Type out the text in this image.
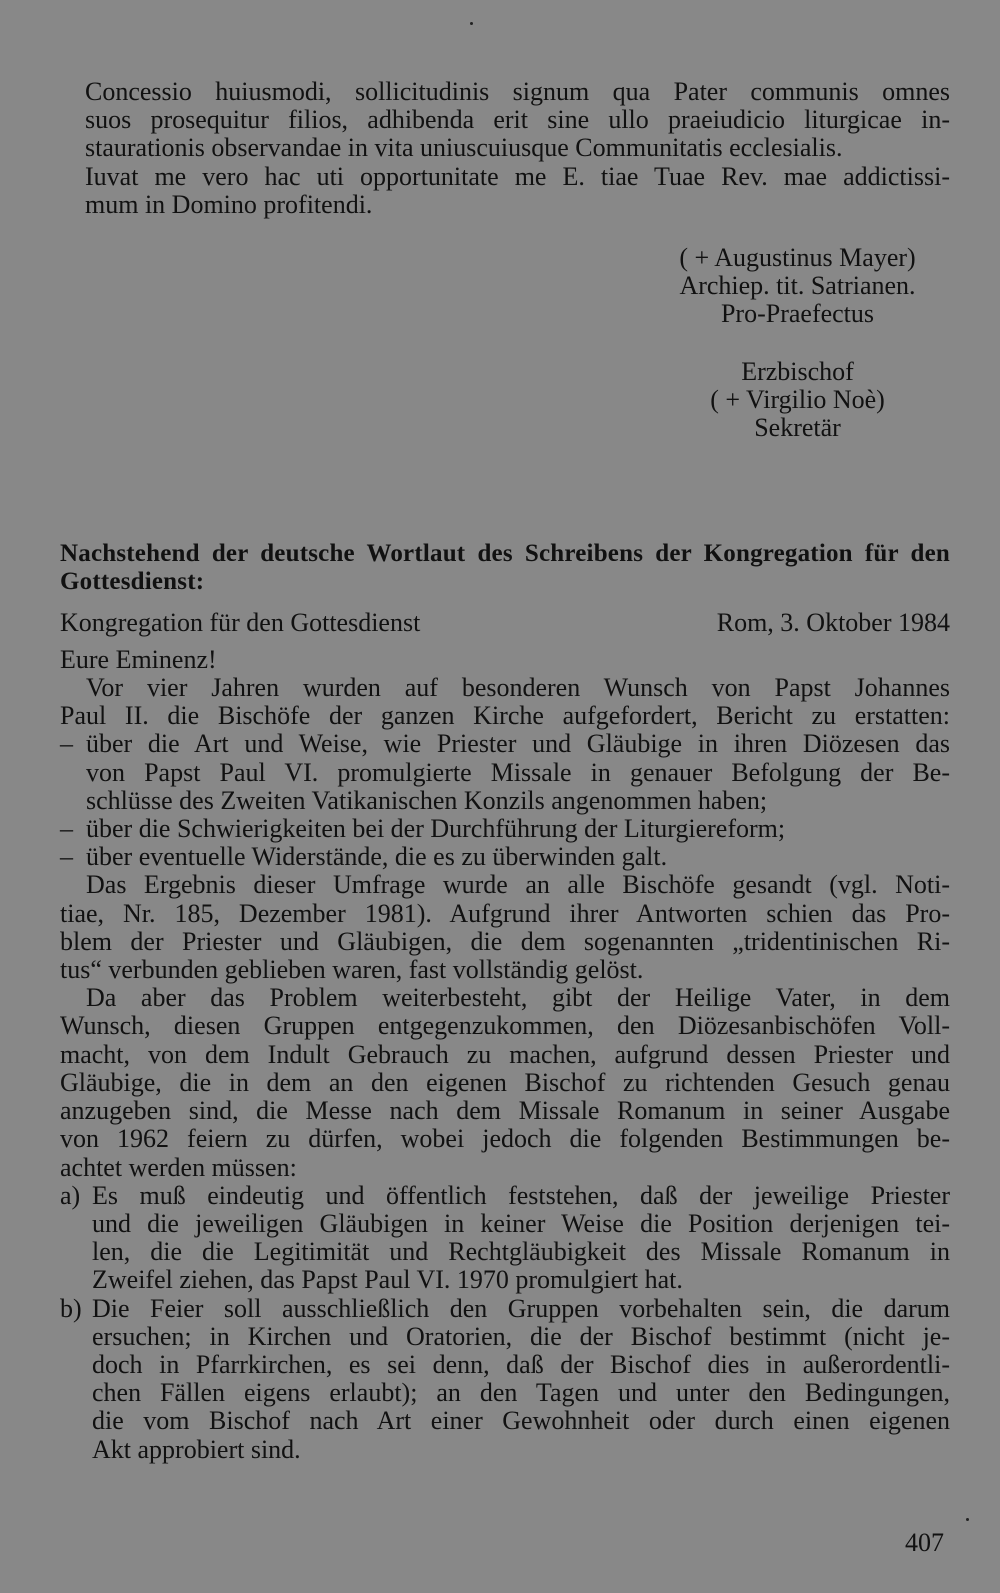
Concessio huiusmodi, sollicitudinis signum qua Pater communis omnes
suos prosequitur filios, adhibenda erit sine ullo praeiudicio liturgicae in-
staurationis observandae in vita uniuscuiusque Communitatis ecclesialis.
Iuvat me vero hac uti opportunitate me E. tiae Tuae Rev. mae addictissi-
mum in Domino profitendi.
( + Augustinus Mayer)
Archiep. tit. Satrianen.
Pro-Praefectus
Erzbischof
( + Virgilio Noè)
Sekretär
Nachstehend der deutsche Wortlaut des Schreibens der Kongregation für den
Gottesdienst:
Kongregation für den Gottesdienst	Rom, 3. Oktober 1984
Eure Eminenz!
Vor vier Jahren wurden auf besonderen Wunsch von Papst Johannes
Paul II. die Bischöfe der ganzen Kirche aufgefordert, Bericht zu erstatten:
– über die Art und Weise, wie Priester und Gläubige in ihren Diözesen das
von Papst Paul VI. promulgierte Missale in genauer Befolgung der Be-
schlüsse des Zweiten Vatikanischen Konzils angenommen haben;
– über die Schwierigkeiten bei der Durchführung der Liturgiereform;
– über eventuelle Widerstände, die es zu überwinden galt.
Das Ergebnis dieser Umfrage wurde an alle Bischöfe gesandt (vgl. Noti-
tiae, Nr. 185, Dezember 1981). Aufgrund ihrer Antworten schien das Pro-
blem der Priester und Gläubigen, die dem sogenannten „tridentinischen Ri-
tus“ verbunden geblieben waren, fast vollständig gelöst.
Da aber das Problem weiterbesteht, gibt der Heilige Vater, in dem
Wunsch, diesen Gruppen entgegenzukommen, den Diözesanbischöfen Voll-
macht, von dem Indult Gebrauch zu machen, aufgrund dessen Priester und
Gläubige, die in dem an den eigenen Bischof zu richtenden Gesuch genau
anzugeben sind, die Messe nach dem Missale Romanum in seiner Ausgabe
von 1962 feiern zu dürfen, wobei jedoch die folgenden Bestimmungen be-
achtet werden müssen:
a) Es muß eindeutig und öffentlich feststehen, daß der jeweilige Priester
und die jeweiligen Gläubigen in keiner Weise die Position derjenigen tei-
len, die die Legitimität und Rechtgläubigkeit des Missale Romanum in
Zweifel ziehen, das Papst Paul VI. 1970 promulgiert hat.
b) Die Feier soll ausschließlich den Gruppen vorbehalten sein, die darum
ersuchen; in Kirchen und Oratorien, die der Bischof bestimmt (nicht je-
doch in Pfarrkirchen, es sei denn, daß der Bischof dies in außerordentli-
chen Fällen eigens erlaubt); an den Tagen und unter den Bedingungen,
die vom Bischof nach Art einer Gewohnheit oder durch einen eigenen
Akt approbiert sind.
407
